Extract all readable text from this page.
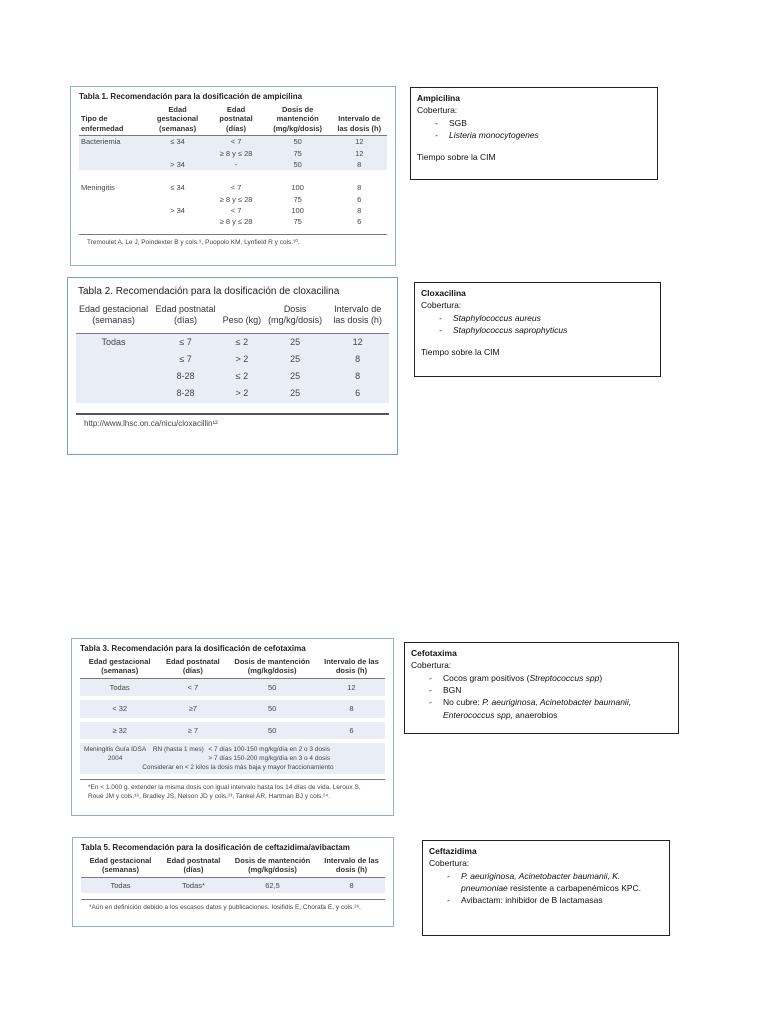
Tabla 1. Recomendación para la dosificación de ampicilina
Tipo de enfermedad	Edad gestacional (semanas)	Edad postnatal (días)	Dosis de mantención (mg/kg/dosis)	Intervalo de las dosis (h)
Bacteriemia	≤ 34	< 7	50	12
		≥ 8 y ≤ 28	75	12
	> 34	-	50	8

Meningitis	≤ 34	< 7	100	8
		≥ 8 y ≤ 28	75	6
	> 34	< 7	100	8
		≥ 8 y ≤ 28	75	6
Tremoulet A, Le J, Poindexter B y cols.⁹, Puopolo KM, Lynfield R y cols.¹⁰.
Ampicilina
Cobertura:
- SGB
- Listeria monocytogenes
Tiempo sobre la CIM
Tabla 2. Recomendación para la dosificación de cloxacilina
Edad gestacional (semanas)	Edad postnatal (días)	Peso (kg)	Dosis (mg/kg/dosis)	Intervalo de las dosis (h)
Todas	≤ 7	≤ 2	25	12
	≤ 7	> 2	25	8
	8-28	≤ 2	25	8
	8-28	> 2	25	6
http://www.lhsc.on.ca/nicu/cloxacillin¹²
Cloxacilina
Cobertura:
- Staphylococcus aureus
- Staphylococcus saprophyticus
Tiempo sobre la CIM
Tabla 3. Recomendación para la dosificación de cefotaxima
Edad gestacional (semanas)	Edad postnatal (días)	Dosis de mantención (mg/kg/dosis)	Intervalo de las dosis (h)
Todas	< 7	50	12

< 32	≥7	50	8

≥ 32	≥ 7	50	6
Meningitis Guía IDSA 2004
RN (hasta 1 mes) < 7 días 100-150 mg/kg/día en 2 o 3 dosis
> 7 días 150-200 mg/kg/día en 3 o 4 dosis
Considerar en < 2 kilos la dosis más baja y mayor fraccionamiento
*En < 1.000 g. extender la misma dosis con igual intervalo hasta los 14 días de vida. Leroux S, Roué JM y cols.¹⁶, Bradley JS, Nelson JD y cols.²³, Tankel AR, Hartman BJ y cols.²⁴.
Cefotaxima
Cobertura:
- Cocos gram positivos (Streptococcus spp)
- BGN
- No cubre: P. aeuriginosa, Acinetobacter baumanii, Enterococcus spp, anaerobios
Tabla 5. Recomendación para la dosificación de ceftazidima/avibactam
Edad gestacional (semanas)	Edad postnatal (días)	Dosis de mantención (mg/kg/dosis)	Intervalo de las dosis (h)
Todas	Todas*	62,5	8
*Aún en definición debido a los escasos datos y publicaciones. Iosifidis E, Chorafa E, y cols.²⁸.
Ceftazidima
Cobertura:
- P. aeuriginosa, Acinetobacter baumanii, K. pneumoniae resistente a carbapenémicos KPC.
- Avibactam: inhibidor de B lactamasas
